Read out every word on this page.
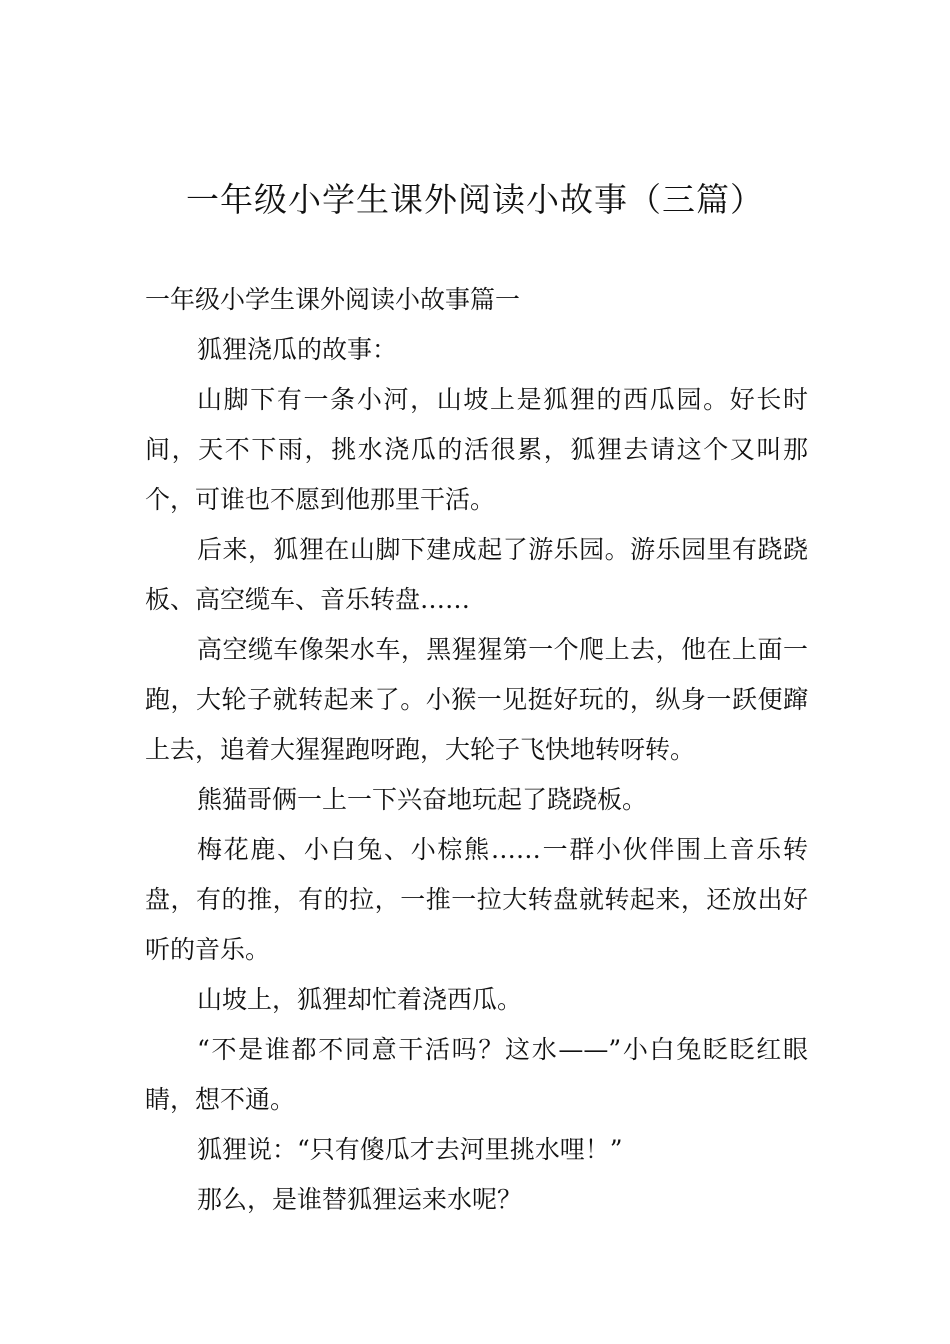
一年级小学生课外阅读小故事（三篇）

一年级小学生课外阅读小故事篇一

狐狸浇瓜的故事：

山脚下有一条小河，山坡上是狐狸的西瓜园。好长时间，天不下雨，挑水浇瓜的活很累，狐狸去请这个又叫那个，可谁也不愿到他那里干活。

后来，狐狸在山脚下建成起了游乐园。游乐园里有跷跷板、高空缆车、音乐转盘……

高空缆车像架水车，黑猩猩第一个爬上去，他在上面一跑，大轮子就转起来了。小猴一见挺好玩的，纵身一跃便蹿上去，追着大猩猩跑呀跑，大轮子飞快地转呀转。

熊猫哥俩一上一下兴奋地玩起了跷跷板。

梅花鹿、小白兔、小棕熊……一群小伙伴围上音乐转盘，有的推，有的拉，一推一拉大转盘就转起来，还放出好听的音乐。

山坡上，狐狸却忙着浇西瓜。

“不是谁都不同意干活吗？这水——”小白兔眨眨红眼睛，想不通。

狐狸说：“只有傻瓜才去河里挑水哩！”

那么，是谁替狐狸运来水呢？
